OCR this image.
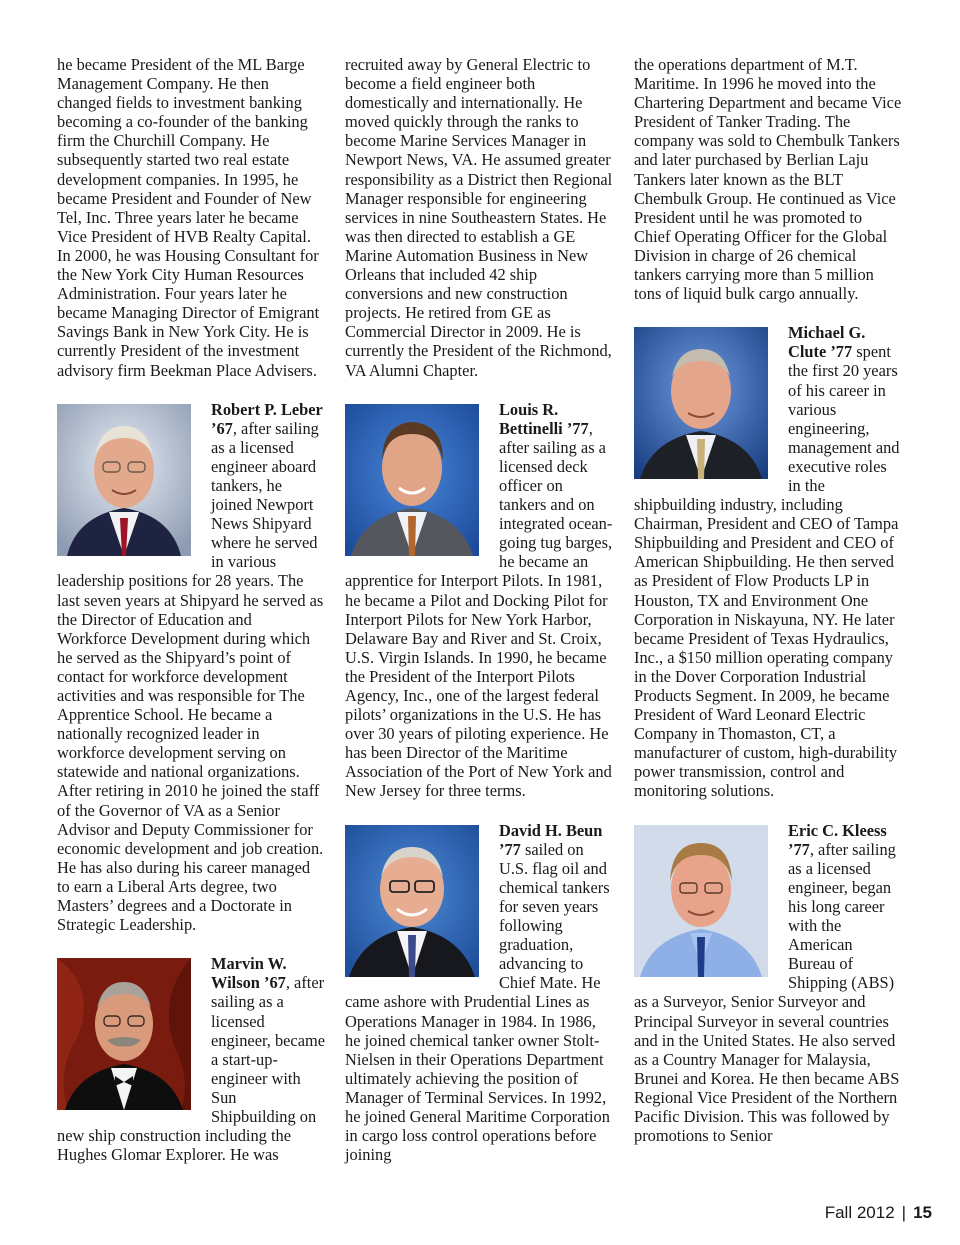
he became President of the ML Barge Management Company. He then changed fields to investment banking becoming a co-founder of the banking firm the Churchill Company. He subsequently started two real estate development companies. In 1995, he became President and Founder of New Tel, Inc. Three years later he became Vice President of HVB Realty Capital. In 2000, he was Housing Consultant for the New York City Human Resources Administration. Four years later he became Managing Director of Emigrant Savings Bank in New York City. He is currently President of the investment advisory firm Beekman Place Advisers.

Robert P. Leber ’67, after sailing as a licensed engineer aboard tankers, he joined Newport News Shipyard where he served in various leadership positions for 28 years. The last seven years at Shipyard he served as the Director of Education and Workforce Development during which he served as the Shipyard’s point of contact for workforce development activities and was responsible for The Apprentice School. He became a nationally recognized leader in workforce development serving on statewide and national organizations. After retiring in 2010 he joined the staff of the Governor of VA as a Senior Advisor and Deputy Commissioner for economic development and job creation. He has also during his career managed to earn a Liberal Arts degree, two Masters’ degrees and a Doctorate in Strategic Leadership.

Marvin W. Wilson ’67, after sailing as a licensed engineer, became a start-up-engineer with Sun Shipbuilding on new ship construction including the Hughes Glomar Explorer. He was

recruited away by General Electric to become a field engineer both domestically and internationally. He moved quickly through the ranks to become Marine Services Manager in Newport News, VA. He assumed greater responsibility as a District then Regional Manager responsible for engineering services in nine Southeastern States. He was then directed to establish a GE Marine Automation Business in New Orleans that included 42 ship conversions and new construction projects. He retired from GE as Commercial Director in 2009. He is currently the President of the Richmond, VA Alumni Chapter.

Louis R. Bettinelli ’77, after sailing as a licensed deck officer on tankers and on integrated ocean-going tug barges, he became an apprentice for Interport Pilots. In 1981, he became a Pilot and Docking Pilot for Interport Pilots for New York Harbor, Delaware Bay and River and St. Croix, U.S. Virgin Islands. In 1990, he became the President of the Interport Pilots Agency, Inc., one of the largest federal pilots’ organizations in the U.S. He has over 30 years of piloting experience. He has been Director of the Maritime Association of the Port of New York and New Jersey for three terms.

David H. Beun ’77 sailed on U.S. flag oil and chemical tankers for seven years following graduation, advancing to Chief Mate. He came ashore with Prudential Lines as Operations Manager in 1984. In 1986, he joined chemical tanker owner Stolt-Nielsen in their Operations Department ultimately achieving the position of Manager of Terminal Services. In 1992, he joined General Maritime Corporation in cargo loss control operations before joining

the operations department of M.T. Maritime. In 1996 he moved into the Chartering Department and became Vice President of Tanker Trading. The company was sold to Chembulk Tankers and later purchased by Berlian Laju Tankers later known as the BLT Chembulk Group. He continued as Vice President until he was promoted to Chief Operating Officer for the Global Division in charge of 26 chemical tankers carrying more than 5 million tons of liquid bulk cargo annually.

Michael G. Clute ’77 spent the first 20 years of his career in various engineering, management and executive roles in the shipbuilding industry, including Chairman, President and CEO of Tampa Shipbuilding and President and CEO of American Shipbuilding. He then served as President of Flow Products LP in Houston, TX and Environment One Corporation in Niskayuna, NY. He later became President of Texas Hydraulics, Inc., a $150 million operating company in the Dover Corporation Industrial Products Segment. In 2009, he became President of Ward Leonard Electric Company in Thomaston, CT, a manufacturer of custom, high-durability power transmission, control and monitoring solutions.

Eric C. Kleess ’77, after sailing as a licensed engineer, began his long career with the American Bureau of Shipping (ABS) as a Surveyor, Senior Surveyor and Principal Surveyor in several countries and in the United States. He also served as a Country Manager for Malaysia, Brunei and Korea. He then became ABS Regional Vice President of the Northern Pacific Division. This was followed by promotions to Senior

Fall 2012 | 15
